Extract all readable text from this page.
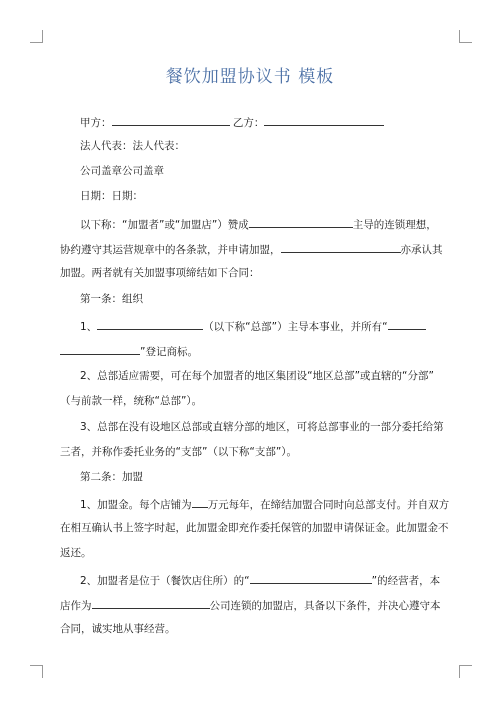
餐饮加盟协议书 模板
甲方：	乙方：
法人代表：法人代表：
公司盖章公司盖章
日期：日期：
以下称：“加盟者”或“加盟店”）赞成	主导的连锁理想，
协约遵守其运营规章中的各条款，并申请加盟，	亦承认其
加盟。两者就有关加盟事项缔结如下合同：
第一条：组织
1、	（以下称“总部”）主导本事业，并所有“
”登记商标。
2、总部适应需要，可在每个加盟者的地区集团设“地区总部”或直辖的“分部”
（与前款一样，统称“总部”）。
3、总部在没有设地区总部或直辖分部的地区，可将总部事业的一部分委托给第
三者，并称作委托业务的“支部”（以下称“支部”）。
第二条：加盟
1、加盟金。每个店铺为 万元每年，在缔结加盟合同时向总部支付。并自双方
在相互确认书上签字时起，此加盟金即充作委托保管的加盟申请保证金。此加盟金不
返还。
2、加盟者是位于（餐饮店住所）的“	”的经营者，本
店作为	公司连锁的加盟店，具备以下条件，并决心遵守本
合同，诚实地从事经营。
